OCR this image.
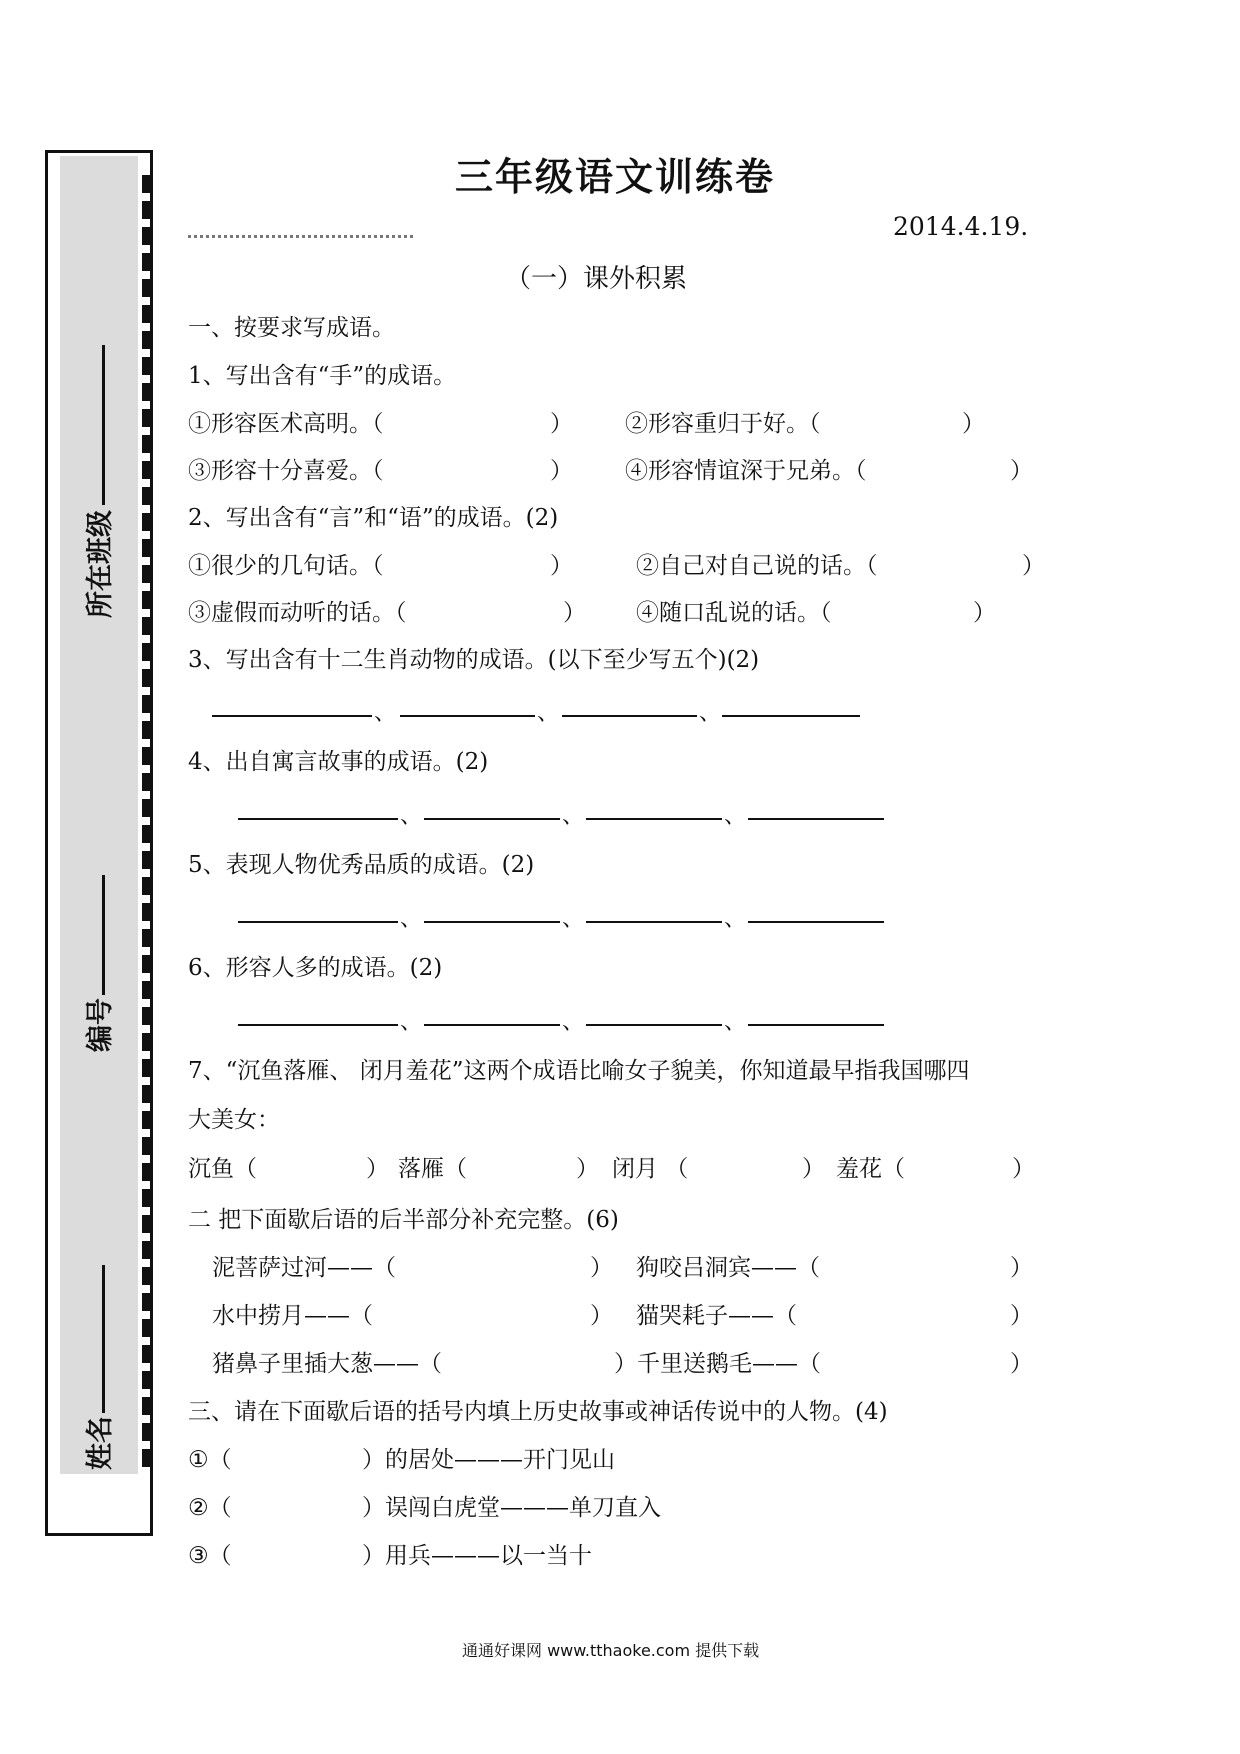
所在班级
编号
姓名
三年级语文训练卷
2014.4.19.
（一）课外积累
一、按要求写成语。
1、写出含有“手”的成语。
①形容医术高明。（	） ②形容重归于好。（	）
③形容十分喜爱。（	） ④形容情谊深于兄弟。（	）
2、写出含有“言”和“语”的成语。(2)
①很少的几句话。（	）	②自己对自己说的话。（	）
③虚假而动听的话。（	） ④随口乱说的话。（	）
3、写出含有十二生肖动物的成语。(以下至少写五个)(2)
、	、	、
4、出自寓言故事的成语。(2)
、	、	、
5、表现人物优秀品质的成语。(2)
、	、	、
6、形容人多的成语。(2)
、	、	、
7、“沉鱼落雁、 闭月羞花”这两个成语比喻女子貌美，你知道最早指我国哪四
大美女：
沉鱼（	） 落雁（	） 闭月 （	） 羞花（	）
二 把下面歇后语的后半部分补充完整。(6)
泥菩萨过河——（	） 狗咬吕洞宾——（	）
水中捞月——（	） 猫哭耗子——（	）
猪鼻子里插大葱——（	）千里送鹅毛——（	）
三、请在下面歇后语的括号内填上历史故事或神话传说中的人物。(4)
①（	）的居处———开门见山
②（	）误闯白虎堂———单刀直入
③（	）用兵———以一当十
通通好课网 www.tthaoke.com 提供下载
